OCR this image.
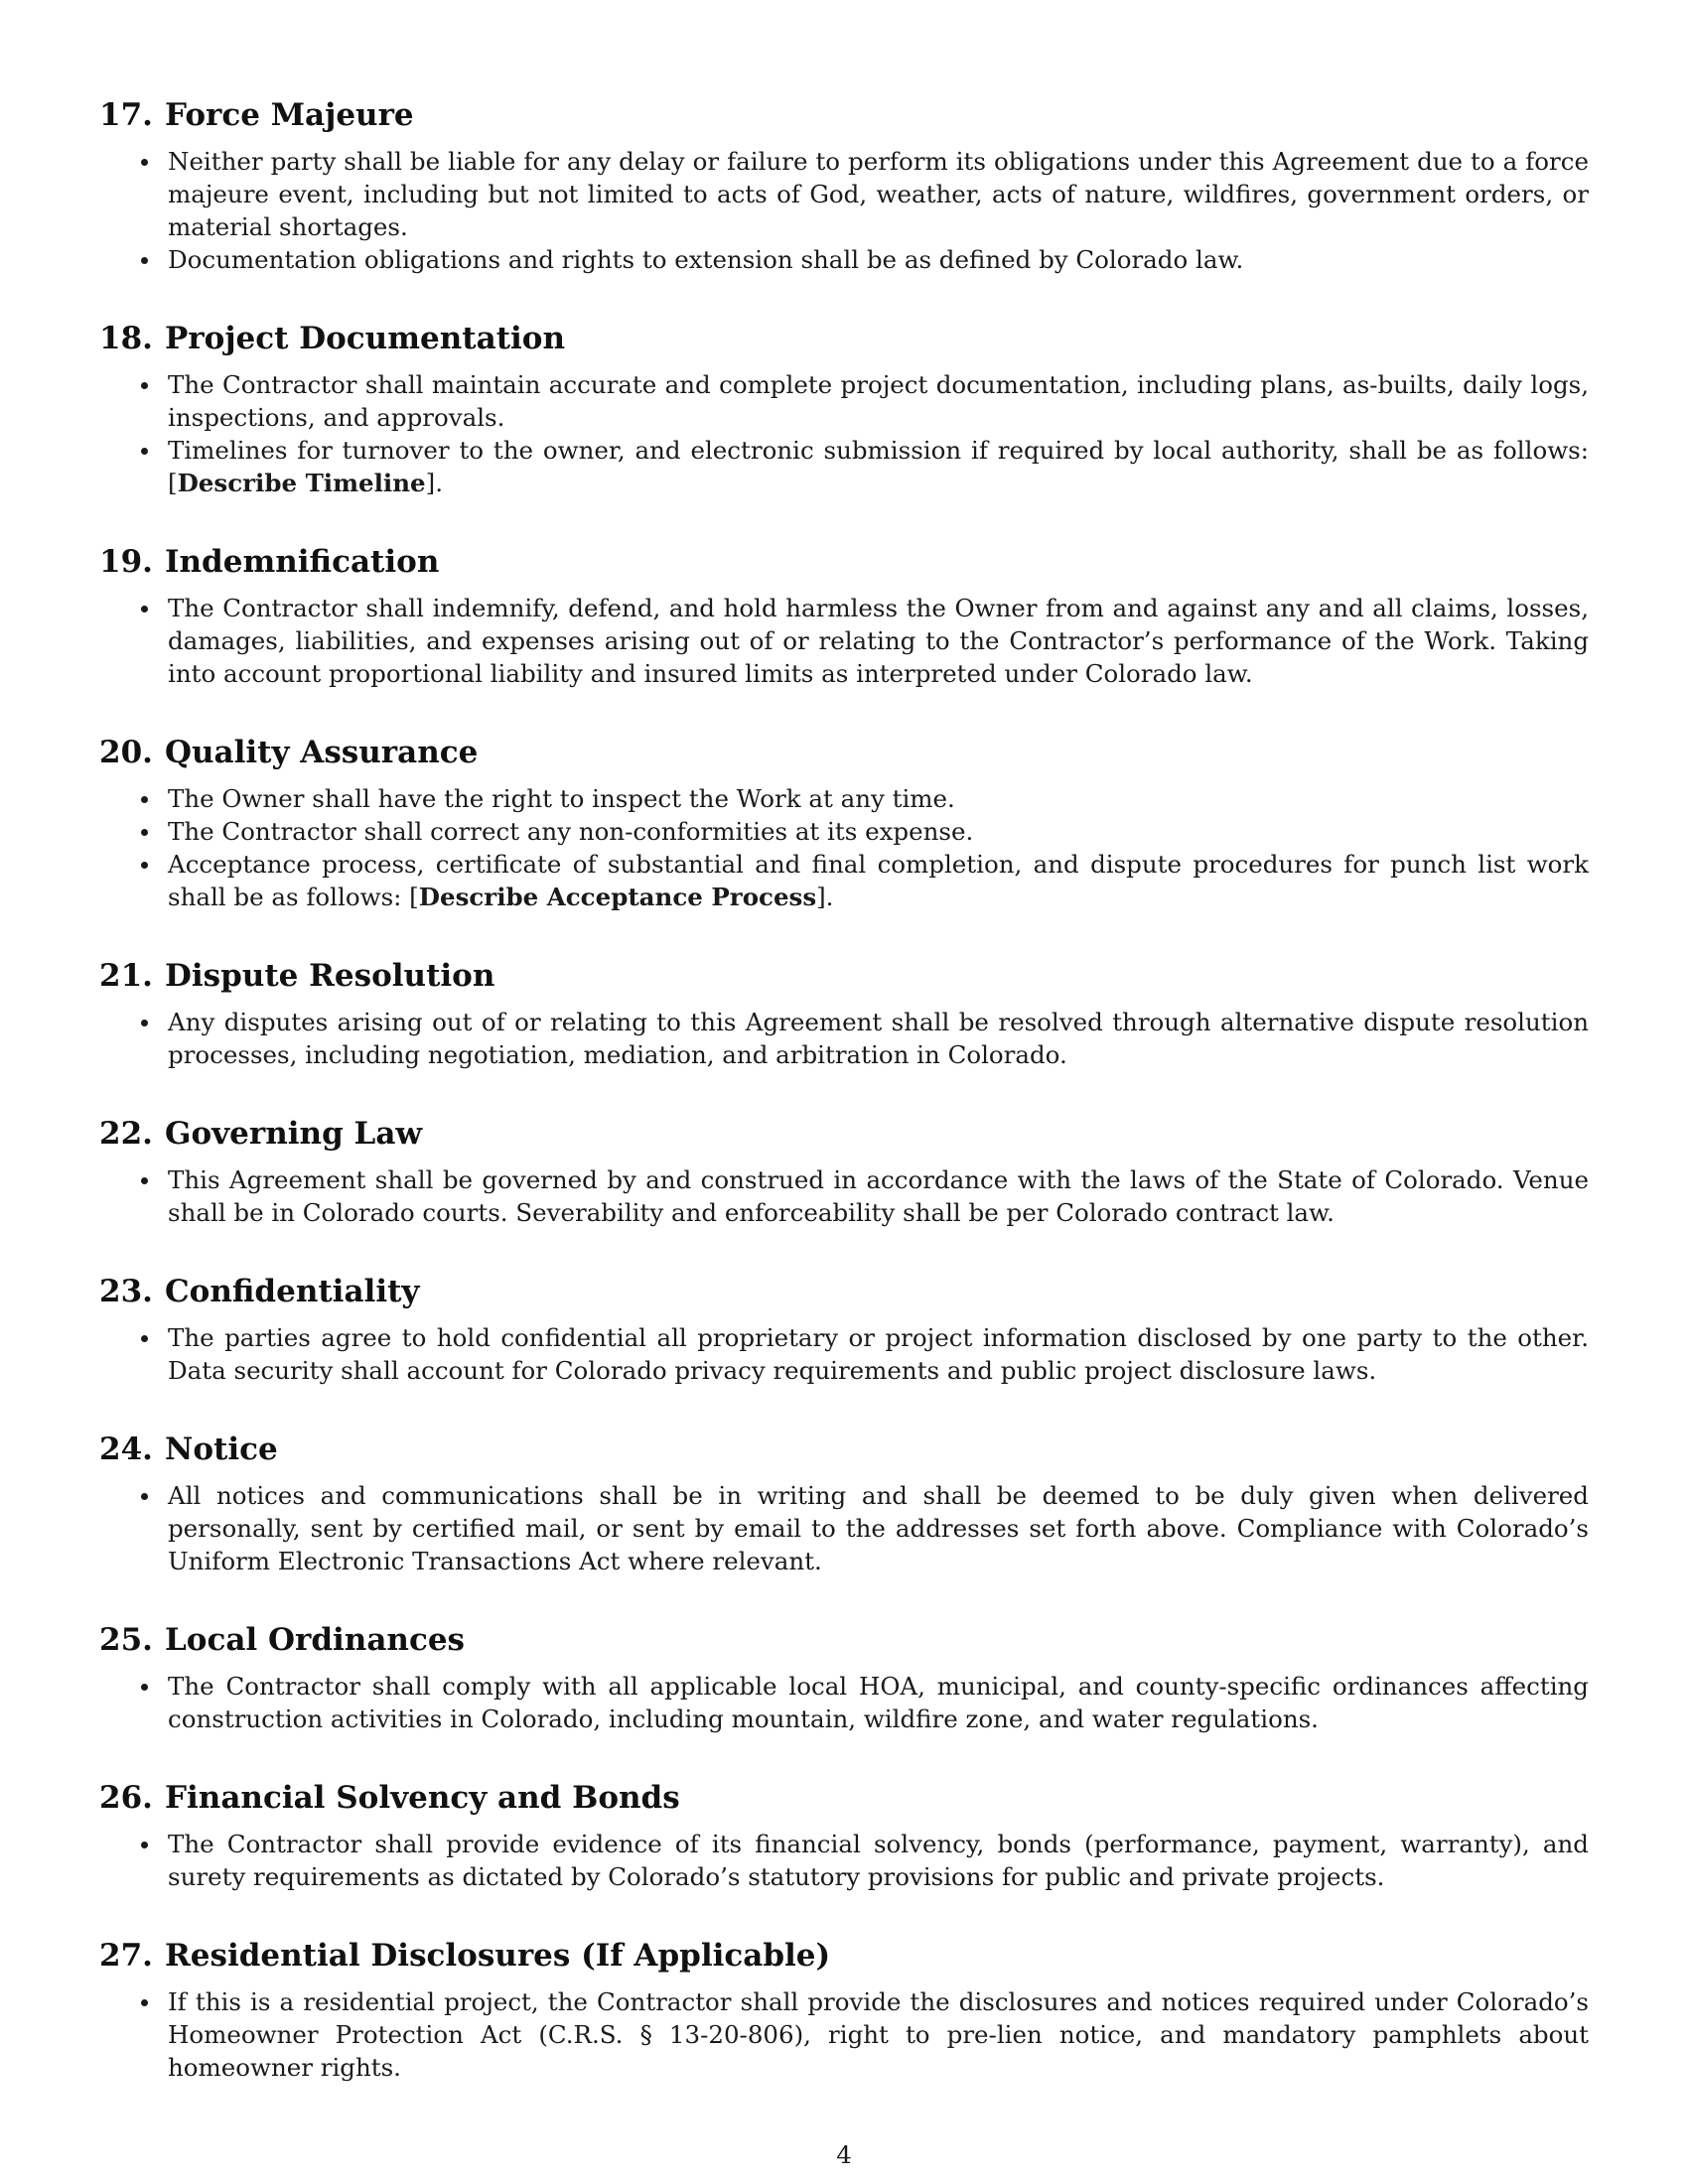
17. Force Majeure
Neither party shall be liable for any delay or failure to perform its obligations under this Agreement due to a force majeure event, including but not limited to acts of God, weather, acts of nature, wildfires, government orders, or material shortages.
Documentation obligations and rights to extension shall be as defined by Colorado law.
18. Project Documentation
The Contractor shall maintain accurate and complete project documentation, including plans, as-builts, daily logs, inspections, and approvals.
Timelines for turnover to the owner, and electronic submission if required by local authority, shall be as follows: [Describe Timeline].
19. Indemnification
The Contractor shall indemnify, defend, and hold harmless the Owner from and against any and all claims, losses, damages, liabilities, and expenses arising out of or relating to the Contractor’s performance of the Work. Taking into account proportional liability and insured limits as interpreted under Colorado law.
20. Quality Assurance
The Owner shall have the right to inspect the Work at any time.
The Contractor shall correct any non-conformities at its expense.
Acceptance process, certificate of substantial and final completion, and dispute procedures for punch list work shall be as follows: [Describe Acceptance Process].
21. Dispute Resolution
Any disputes arising out of or relating to this Agreement shall be resolved through alternative dispute resolution processes, including negotiation, mediation, and arbitration in Colorado.
22. Governing Law
This Agreement shall be governed by and construed in accordance with the laws of the State of Colorado. Venue shall be in Colorado courts. Severability and enforceability shall be per Colorado contract law.
23. Confidentiality
The parties agree to hold confidential all proprietary or project information disclosed by one party to the other. Data security shall account for Colorado privacy requirements and public project disclosure laws.
24. Notice
All notices and communications shall be in writing and shall be deemed to be duly given when delivered personally, sent by certified mail, or sent by email to the addresses set forth above. Compliance with Colorado’s Uniform Electronic Transactions Act where relevant.
25. Local Ordinances
The Contractor shall comply with all applicable local HOA, municipal, and county-specific ordinances affecting construction activities in Colorado, including mountain, wildfire zone, and water regulations.
26. Financial Solvency and Bonds
The Contractor shall provide evidence of its financial solvency, bonds (performance, payment, warranty), and surety requirements as dictated by Colorado’s statutory provisions for public and private projects.
27. Residential Disclosures (If Applicable)
If this is a residential project, the Contractor shall provide the disclosures and notices required under Colorado’s Homeowner Protection Act (C.R.S. § 13-20-806), right to pre-lien notice, and mandatory pamphlets about homeowner rights.
4
